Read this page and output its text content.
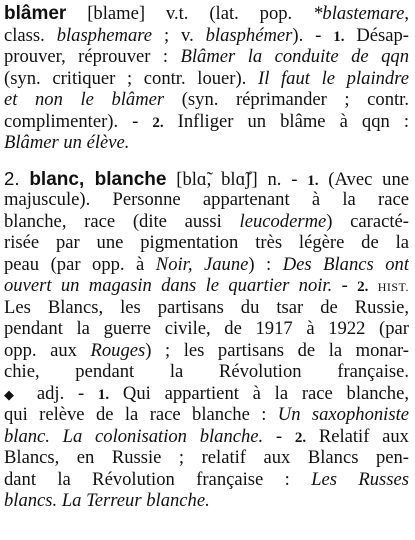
blâmer [blame] v.t. (lat. pop. *blastemare,
class. blasphemare ; v. blasphémer). - 1. Désap-
prouver, réprouver : Blâmer la conduite de qqn
(syn. critiquer ; contr. louer). Il faut le plaindre
et non le blâmer (syn. réprimander ; contr.
complimenter). - 2. Infliger un blâme à qqn :
Blâmer un élève.
2. blanc, blanche [blɑ̃, blɑ̃ʃ] n. - 1. (Avec une
majuscule). Personne appartenant à la race
blanche, race (dite aussi leucoderme) caracté-
risée par une pigmentation très légère de la
peau (par opp. à Noir, Jaune) : Des Blancs ont
ouvert un magasin dans le quartier noir. - 2. HIST.
Les Blancs, les partisans du tsar de Russie,
pendant la guerre civile, de 1917 à 1922 (par
opp. aux Rouges) ; les partisans de la monar-
chie, pendant la Révolution française.
◆ adj. - 1. Qui appartient à la race blanche,
qui relève de la race blanche : Un saxophoniste
blanc. La colonisation blanche. - 2. Relatif aux
Blancs, en Russie ; relatif aux Blancs pen-
dant la Révolution française : Les Russes
blancs. La Terreur blanche.
